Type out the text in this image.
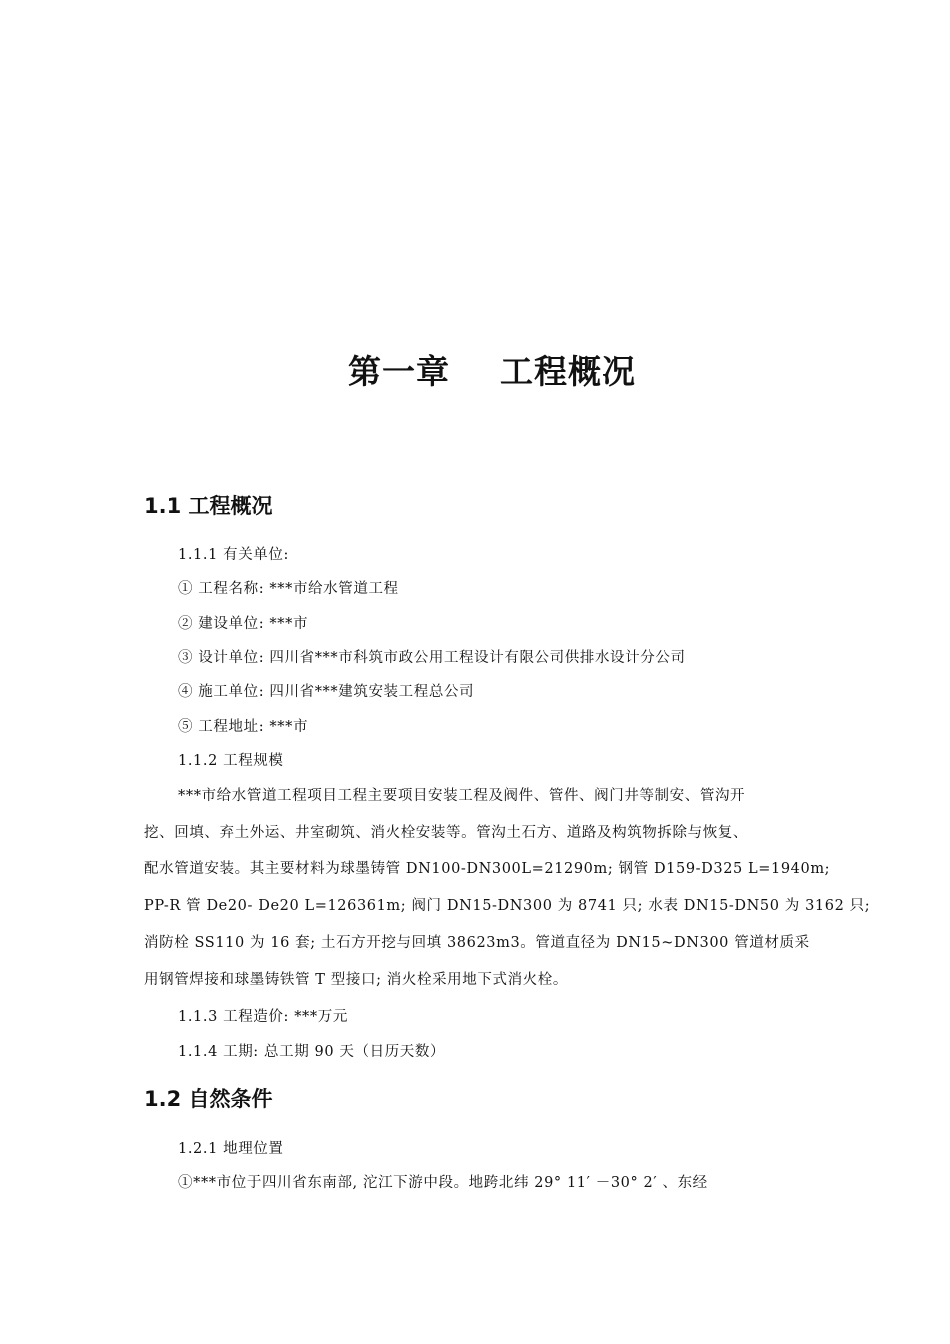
第一章    工程概况
1.1 工程概况

1.1.1 有关单位:

① 工程名称: ***市给水管道工程

② 建设单位: ***市

③ 设计单位: 四川省***市科筑市政公用工程设计有限公司供排水设计分公司

④ 施工单位: 四川省***建筑安装工程总公司

⑤ 工程地址: ***市

1.1.2 工程规模

***市给水管道工程项目工程主要项目安装工程及阀件、管件、阀门井等制安、管沟开

挖、回填、弃土外运、井室砌筑、消火栓安装等。管沟土石方、道路及构筑物拆除与恢复、

配水管道安装。其主要材料为球墨铸管 DN100-DN300L=21290m; 钢管 D159-D325 L=1940m;

PP-R 管 De20- De20 L=126361m; 阀门 DN15-DN300 为 8741 只; 水表 DN15-DN50 为 3162 只;

消防栓 SS110 为 16 套; 土石方开挖与回填 38623m3。管道直径为 DN15~DN300 管道材质采

用钢管焊接和球墨铸铁管 T 型接口; 消火栓采用地下式消火栓。

1.1.3 工程造价: ***万元

1.1.4 工期: 总工期 90 天（日历天数）

1.2 自然条件

1.2.1 地理位置

①***市位于四川省东南部, 沱江下游中段。地跨北纬 29° 11′ －30° 2′ 、东经
